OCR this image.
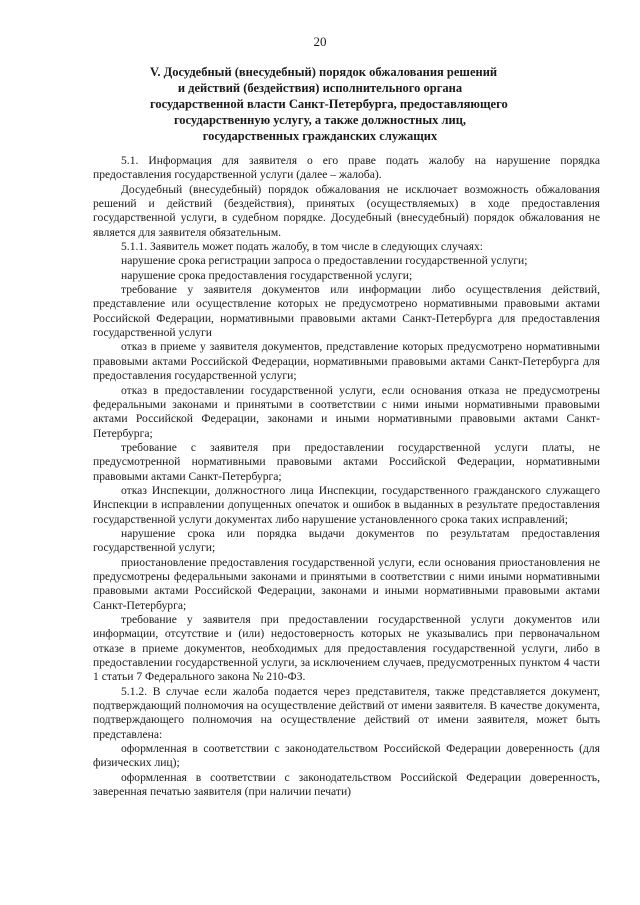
20
V. Досудебный (внесудебный) порядок обжалования решений
и действий (бездействия) исполнительного органа
государственной власти Санкт-Петербурга, предоставляющего
государственную услугу, а также должностных лиц,
государственных гражданских служащих

5.1. Информация для заявителя о его праве подать жалобу на нарушение порядка предоставления государственной услуги (далее – жалоба).

Досудебный (внесудебный) порядок обжалования не исключает возможность обжалования решений и действий (бездействия), принятых (осуществляемых) в ходе предоставления государственной услуги, в судебном порядке. Досудебный (внесудебный) порядок обжалования не является для заявителя обязательным.

5.1.1. Заявитель может подать жалобу, в том числе в следующих случаях:

нарушение срока регистрации запроса о предоставлении государственной услуги;

нарушение срока предоставления государственной услуги;

требование у заявителя документов или информации либо осуществления действий, представление или осуществление которых не предусмотрено нормативными правовыми актами Российской Федерации, нормативными правовыми актами Санкт-Петербурга для предоставления государственной услуги

отказ в приеме у заявителя документов, представление которых предусмотрено нормативными правовыми актами Российской Федерации, нормативными правовыми актами Санкт-Петербурга для предоставления государственной услуги;

отказ в предоставлении государственной услуги, если основания отказа не предусмотрены федеральными законами и принятыми в соответствии с ними иными нормативными правовыми актами Российской Федерации, законами и иными нормативными правовыми актами Санкт-Петербурга;

требование с заявителя при предоставлении государственной услуги платы, не предусмотренной нормативными правовыми актами Российской Федерации, нормативными правовыми актами Санкт-Петербурга;

отказ Инспекции, должностного лица Инспекции, государственного гражданского служащего Инспекции в исправлении допущенных опечаток и ошибок в выданных в результате предоставления государственной услуги документах либо нарушение установленного срока таких исправлений;

нарушение срока или порядка выдачи документов по результатам предоставления государственной услуги;

приостановление предоставления государственной услуги, если основания приостановления не предусмотрены федеральными законами и принятыми в соответствии с ними иными нормативными правовыми актами Российской Федерации, законами и иными нормативными правовыми актами Санкт-Петербурга;

требование у заявителя при предоставлении государственной услуги документов или информации, отсутствие и (или) недостоверность которых не указывались при первоначальном отказе в приеме документов, необходимых для предоставления государственной услуги, либо в предоставлении государственной услуги, за исключением случаев, предусмотренных пунктом 4 части 1 статьи 7 Федерального закона № 210-ФЗ.

5.1.2. В случае если жалоба подается через представителя, также представляется документ, подтверждающий полномочия на осуществление действий от имени заявителя. В качестве документа, подтверждающего полномочия на осуществление действий от имени заявителя, может быть представлена:

оформленная в соответствии с законодательством Российской Федерации доверенность (для физических лиц);

оформленная в соответствии с законодательством Российской Федерации доверенность, заверенная печатью заявителя (при наличии печати)
